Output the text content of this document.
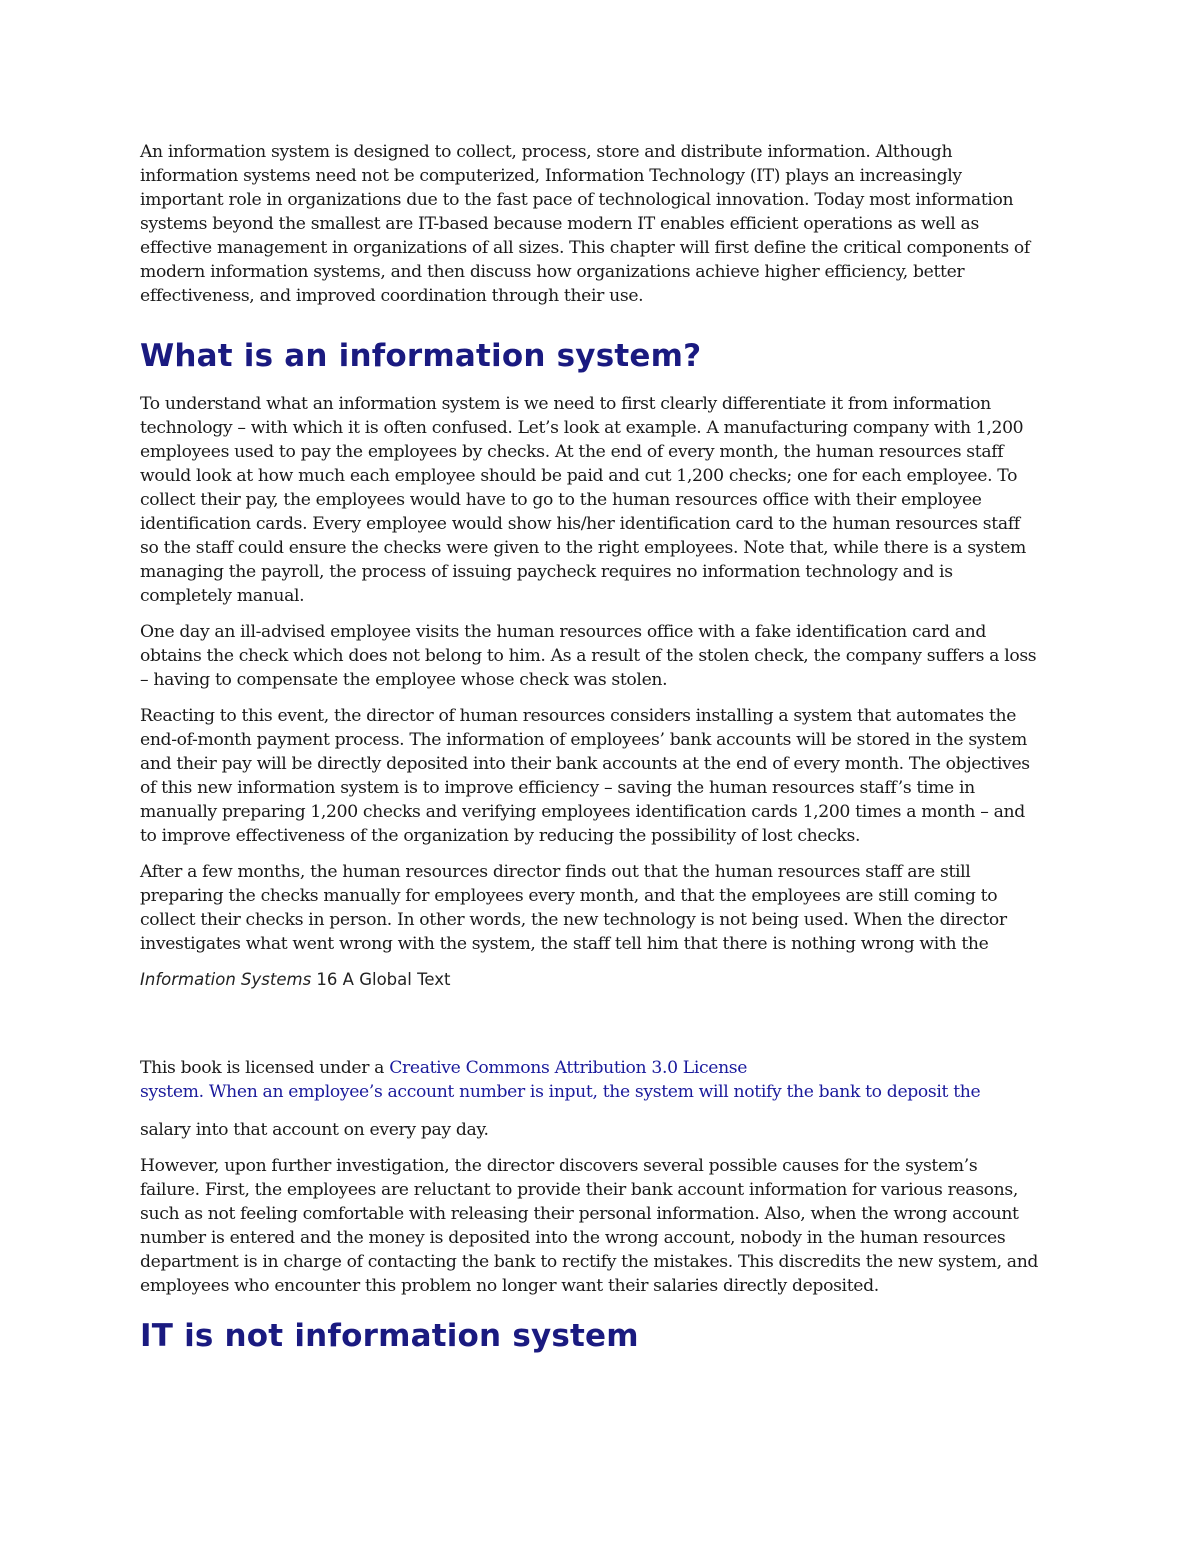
An information system is designed to collect, process, store and distribute information. Although
information systems need not be computerized, Information Technology (IT) plays an increasingly
important role in organizations due to the fast pace of technological innovation. Today most information
systems beyond the smallest are IT-based because modern IT enables efficient operations as well as
effective management in organizations of all sizes. This chapter will first define the critical components of
modern information systems, and then discuss how organizations achieve higher efficiency, better
effectiveness, and improved coordination through their use.

What is an information system?

To understand what an information system is we need to first clearly differentiate it from information
technology – with which it is often confused. Let’s look at example. A manufacturing company with 1,200
employees used to pay the employees by checks. At the end of every month, the human resources staff
would look at how much each employee should be paid and cut 1,200 checks; one for each employee. To
collect their pay, the employees would have to go to the human resources office with their employee
identification cards. Every employee would show his/her identification card to the human resources staff
so the staff could ensure the checks were given to the right employees. Note that, while there is a system
managing the payroll, the process of issuing paycheck requires no information technology and is
completely manual.

One day an ill-advised employee visits the human resources office with a fake identification card and
obtains the check which does not belong to him. As a result of the stolen check, the company suffers a loss
– having to compensate the employee whose check was stolen.

Reacting to this event, the director of human resources considers installing a system that automates the
end-of-month payment process. The information of employees’ bank accounts will be stored in the system
and their pay will be directly deposited into their bank accounts at the end of every month. The objectives
of this new information system is to improve efficiency – saving the human resources staff’s time in
manually preparing 1,200 checks and verifying employees identification cards 1,200 times a month – and
to improve effectiveness of the organization by reducing the possibility of lost checks.

After a few months, the human resources director finds out that the human resources staff are still
preparing the checks manually for employees every month, and that the employees are still coming to
collect their checks in person. In other words, the new technology is not being used. When the director
investigates what went wrong with the system, the staff tell him that there is nothing wrong with the

Information Systems 16 A Global Text

This book is licensed under a Creative Commons Attribution 3.0 License

system. When an employee’s account number is input, the system will notify the bank to deposit the

salary into that account on every pay day.

However, upon further investigation, the director discovers several possible causes for the system’s
failure. First, the employees are reluctant to provide their bank account information for various reasons,
such as not feeling comfortable with releasing their personal information. Also, when the wrong account
number is entered and the money is deposited into the wrong account, nobody in the human resources
department is in charge of contacting the bank to rectify the mistakes. This discredits the new system, and
employees who encounter this problem no longer want their salaries directly deposited.

IT is not information system
